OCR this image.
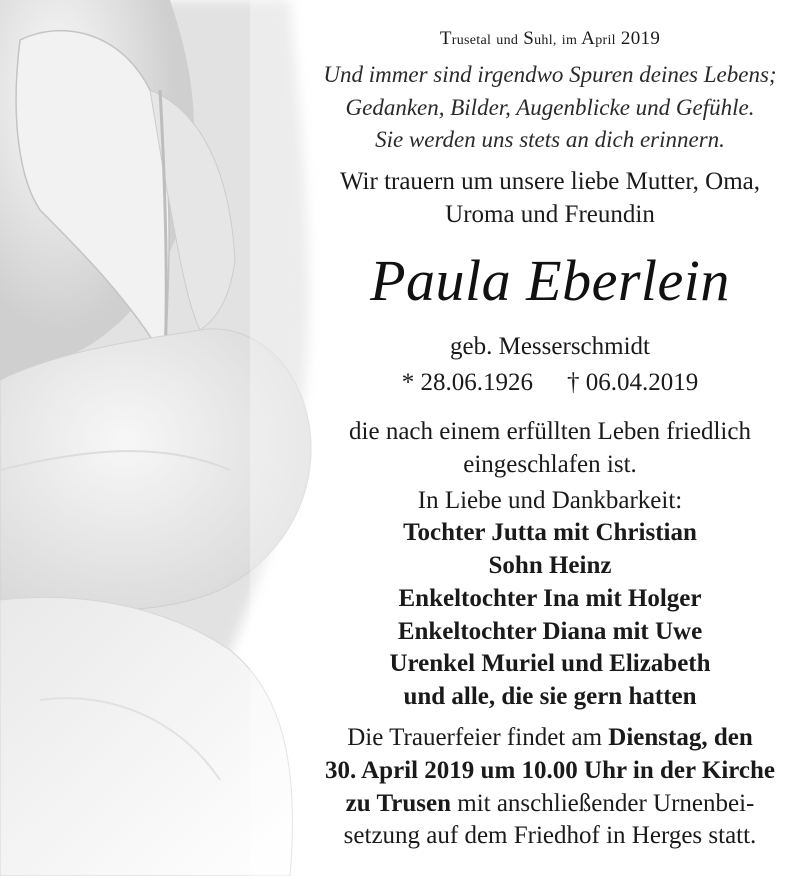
Trusetal und Suhl, im April 2019
Und immer sind irgendwo Spuren deines Lebens;
Gedanken, Bilder, Augenblicke und Gefühle.
Sie werden uns stets an dich erinnern.
Wir trauern um unsere liebe Mutter, Oma,
Uroma und Freundin
Paula Eberlein
geb. Messerschmidt
* 28.06.1926 † 06.04.2019
die nach einem erfüllten Leben friedlich
eingeschlafen ist.
In Liebe und Dankbarkeit:
Tochter Jutta mit Christian
Sohn Heinz
Enkeltochter Ina mit Holger
Enkeltochter Diana mit Uwe
Urenkel Muriel und Elizabeth
und alle, die sie gern hatten
Die Trauerfeier findet am Dienstag, den
30. April 2019 um 10.00 Uhr in der Kirche
zu Trusen mit anschließender Urnenbei-
setzung auf dem Friedhof in Herges statt.
